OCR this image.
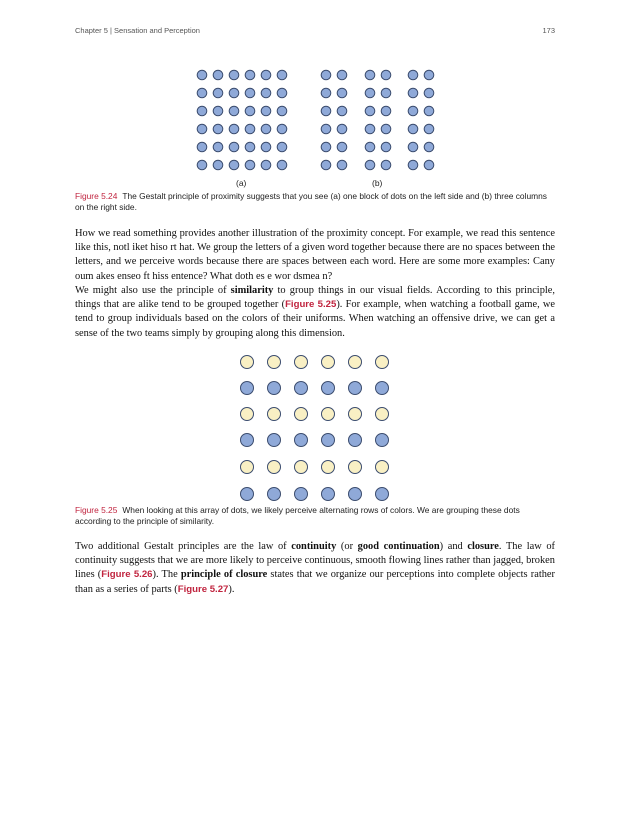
Chapter 5 | Sensation and Perception	173
(a)	(b)
Figure 5.24 The Gestalt principle of proximity suggests that you see (a) one block of dots on the left side and (b) three columns on the right side.

How we read something provides another illustration of the proximity concept. For example, we read this sentence like this, notl iket hiso rt hat. We group the letters of a given word together because there are no spaces between the letters, and we perceive words because there are spaces between each word. Here are some more examples: Cany oum akes enseo ft hiss entence? What doth es e wor dsmea n?

We might also use the principle of similarity to group things in our visual fields. According to this principle, things that are alike tend to be grouped together (Figure 5.25). For example, when watching a football game, we tend to group individuals based on the colors of their uniforms. When watching an offensive drive, we can get a sense of the two teams simply by grouping along this dimension.

Figure 5.25 When looking at this array of dots, we likely perceive alternating rows of colors. We are grouping these dots according to the principle of similarity.

Two additional Gestalt principles are the law of continuity (or good continuation) and closure. The law of continuity suggests that we are more likely to perceive continuous, smooth flowing lines rather than jagged, broken lines (Figure 5.26). The principle of closure states that we organize our perceptions into complete objects rather than as a series of parts (Figure 5.27).
